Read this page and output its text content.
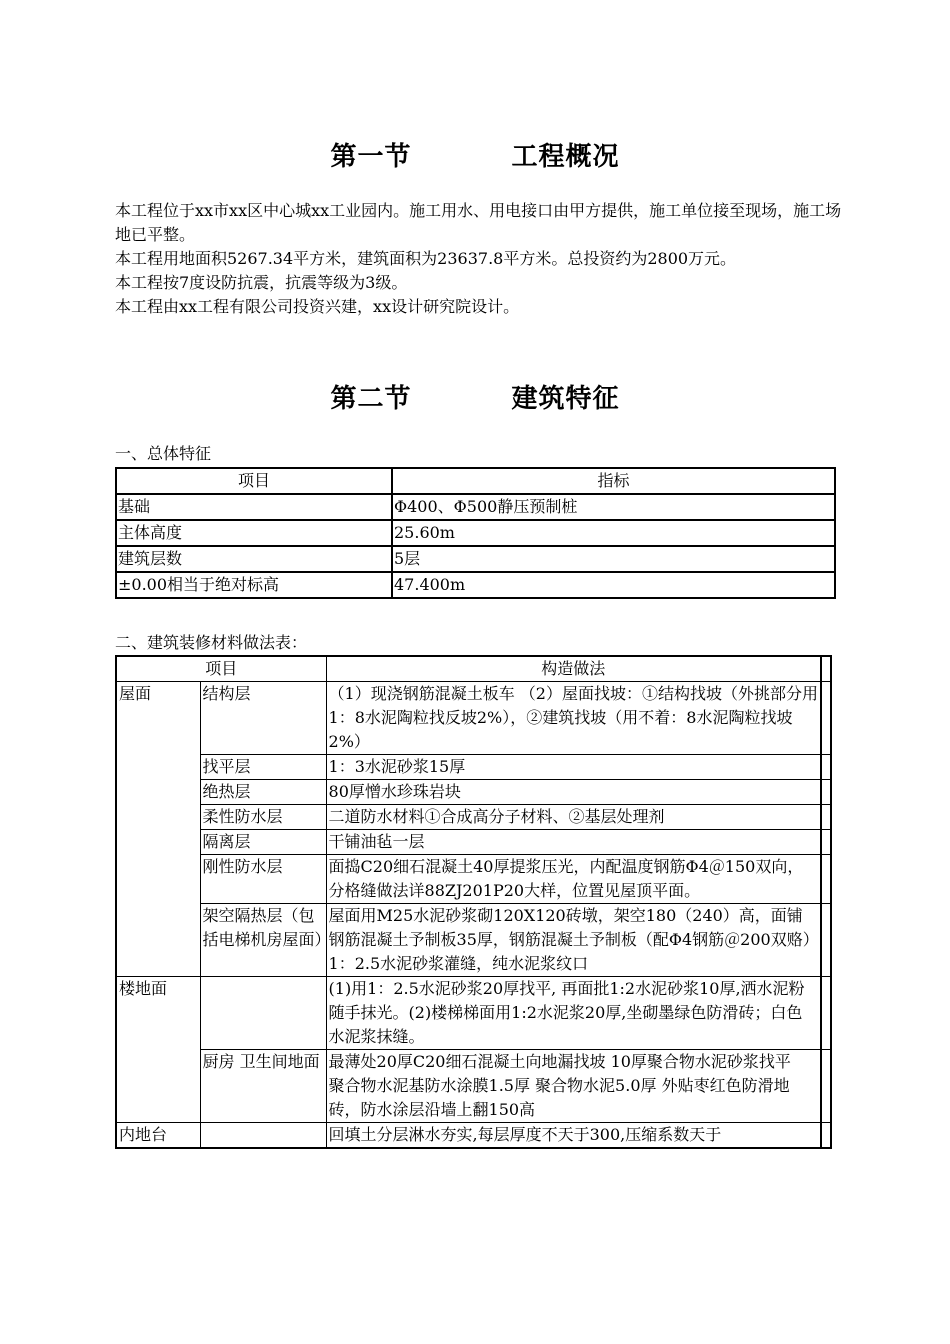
第一节	工程概况
本工程位于xx市xx区中心城xx工业园内。施工用水、用电接口由甲方提供，施工单位接至现场，施工场地已平整。
本工程用地面积5267.34平方米，建筑面积为23637.8平方米。总投资约为2800万元。
本工程按7度设防抗震，抗震等级为3级。
本工程由xx工程有限公司投资兴建，xx设计研究院设计。
第二节	建筑特征
一、总体特征
项目	指标
基础	Φ400、Φ500静压预制桩
主体高度	25.60m
建筑层数	5层
±0.00相当于绝对标高	47.400m
二、建筑装修材料做法表：
项目		构造做法	
屋面	结构层	（1）现浇钢筋混凝土板车 （2）屋面找坡：①结构找坡（外挑部分用1：8水泥陶粒找反坡2%），②建筑找坡（用不着：8水泥陶粒找坡2%）	
	找平层	1：3水泥砂浆15厚	
	绝热层	80厚憎水珍珠岩块	
	柔性防水层	二道防水材料①合成高分子材料、②基层处理剂	
	隔离层	干铺油毡一层	
	刚性防水层	面捣C20细石混凝土40厚提浆压光，内配温度钢筋Φ4＠150双向，分格缝做法详88ZJ201P20大样，位置见屋顶平面。	
	架空隔热层（包括电梯机房屋面）	屋面用M25水泥砂浆砌120X120砖墩，架空180（240）高，面铺钢筋混凝土予制板35厚，钢筋混凝土予制板（配Φ4钢筋＠200双赂）1：2.5水泥砂浆灌缝，纯水泥浆纹口	
楼地面		(1)用1：2.5水泥砂浆20厚找平, 再面批1:2水泥砂浆10厚,洒水泥粉随手抹光。(2)楼梯梯面用1:2水泥浆20厚,坐砌墨绿色防滑砖；白色水泥浆抹缝。	
	厨房 卫生间地面	最薄处20厚C20细石混凝土向地漏找坡 10厚聚合物水泥砂浆找平　　　聚合物水泥基防水涂膜1.5厚 聚合物水泥5.0厚 外贴枣红色防滑地砖，防水涂层沿墙上翻150高	
内地台		回填土分层淋水夯实,每层厚度不天于300,压缩系数天于	
